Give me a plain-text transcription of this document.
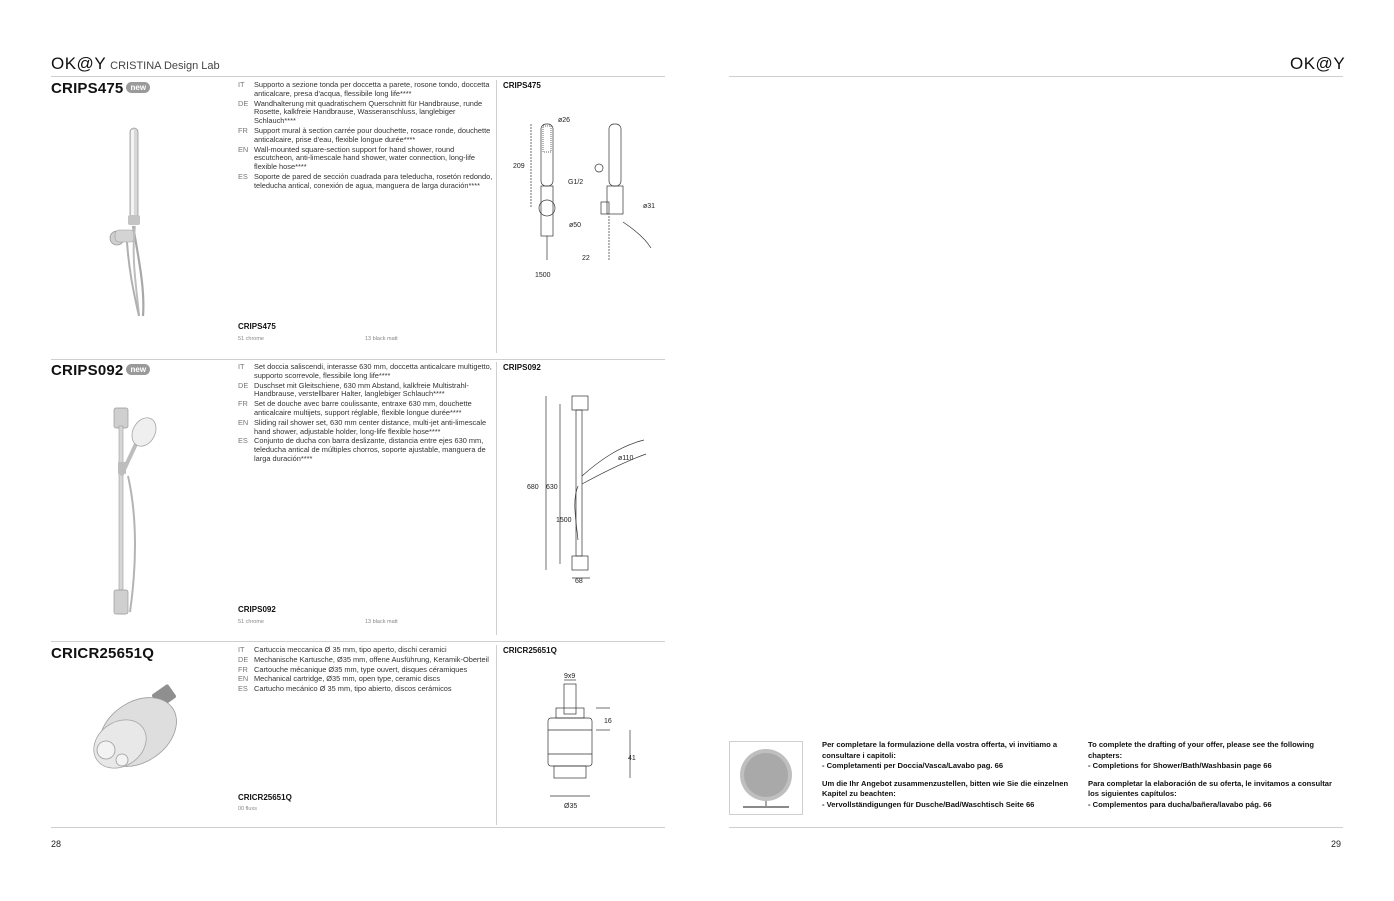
OK@Y CRISTINA Design Lab	OK@Y
CRIPS475 new	IT	Supporto a sezione tonda per doccetta a parete, rosone tondo, doccetta anticalcare, presa d'acqua, flessibile long life****
DE Wandhalterung mit quadratischem Querschnitt für Handbrause, runde Rosette, kalkfreie Handbrause, Wasseranschluss, langlebiger Schlauch****
FR Support mural à section carrée pour douchette, rosace ronde, douchette anticalcaire, prise d'eau, flexible longue durée****
EN Wall-mounted square-section support for hand shower, round escutcheon, anti-limescale hand shower, water connection, long-life flexible hose****
ES Soporte de pared de sección cuadrada para teleducha, rosetón redondo, teleducha antical, conexión de agua, manguera de larga duración****
CRIPS475
51 chrome	13 black matt
CRIPS475
ø26
209
G1/2
ø31
ø50
22
1500
CRIPS092 new	IT	Set doccia saliscendi, interasse 630 mm, doccetta anticalcare multigetto, supporto scorrevole, flessibile long life****
DE Duschset mit Gleitschiene, 630 mm Abstand, kalkfreie Multistrahl-Handbrause, verstellbarer Halter, langlebiger Schlauch****
FR Set de douche avec barre coulissante, entraxe 630 mm, douchette anticalcaire multijets, support réglable, flexible longue durée****
EN Sliding rail shower set, 630 mm center distance, multi-jet anti-limescale hand shower, adjustable holder, long-life flexible hose****
ES Conjunto de ducha con barra deslizante, distancia entre ejes 630 mm, teleducha antical de múltiples chorros, soporte ajustable, manguera de larga duración****
CRIPS092
51 chrome	13 black matt
CRIPS092
ø110
680 630
1500
68
CRICR25651Q	IT	Cartuccia meccanica Ø 35 mm, tipo aperto, dischi ceramici
DE Mechanische Kartusche, Ø35 mm, offene Ausführung, Keramik-Oberteil
FR Cartouche mécanique Ø35 mm, type ouvert, disques céramiques
EN Mechanical cartridge, Ø35 mm, open type, ceramic discs
ES Cartucho mecánico Ø 35 mm, tipo abierto, discos cerámicos
CRICR25651Q
00 fluxs
CRICR25651Q
9x9
16
41
Ø35

Per completare la formulazione della vostra offerta, vi invitiamo a consultare i capitoli:
- Completamenti per Doccia/Vasca/Lavabo pag. 66

Um die Ihr Angebot zusammenzustellen, bitten wie Sie die einzelnen Kapitel zu beachten:
- Vervollständigungen für Dusche/Bad/Waschtisch Seite 66

To complete the drafting of your offer, please see the following chapters:
- Completions for Shower/Bath/Washbasin page 66

Para completar la elaboración de su oferta, le invitamos a consultar los siguientes capítulos:
- Complementos para ducha/bañera/lavabo pág. 66

28	29
